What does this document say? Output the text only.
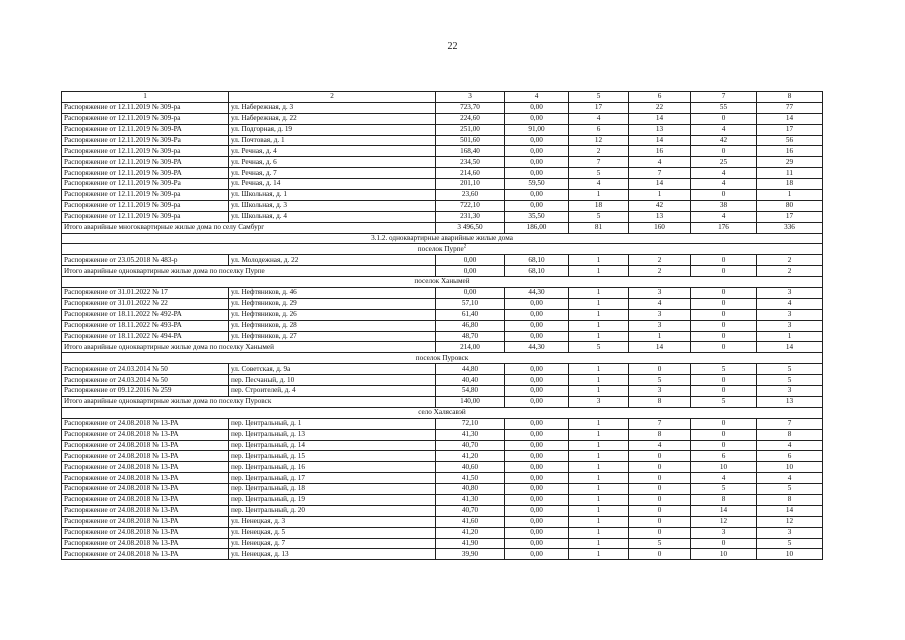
22
1	2	3	4	5	6	7	8
Распоряжение от 12.11.2019 № 309-ра	ул. Набережная, д. 3	723,70	0,00	17	22	55	77
Распоряжение от 12.11.2019 № 309-ра	ул. Набережная, д. 22	224,60	0,00	4	14	0	14
Распоряжение от 12.11.2019 № 309-РА	ул. Подгорная, д. 19	251,00	91,00	6	13	4	17
Распоряжение от 12.11.2019 № 309-Ра	ул. Почтовая, д. 1	501,60	0,00	12	14	42	56
Распоряжение от 12.11.2019 № 309-ра	ул. Речная, д. 4	168,40	0,00	2	16	0	16
Распоряжение от 12.11.2019 № 309-РА	ул. Речная, д. 6	234,50	0,00	7	4	25	29
Распоряжение от 12.11.2019 № 309-РА	ул. Речная, д. 7	214,60	0,00	5	7	4	11
Распоряжение от 12.11.2019 № 309-Ра	ул. Речная, д. 14	201,10	59,50	4	14	4	18
Распоряжение от 12.11.2019 № 309-ра	ул. Школьная, д. 1	23,60	0,00	1	1	0	1
Распоряжение от 12.11.2019 № 309-ра	ул. Школьная, д. 3	722,10	0,00	18	42	38	80
Распоряжение от 12.11.2019 № 309-ра	ул. Школьная, д. 4	231,30	35,50	5	13	4	17
Итого аварийные многоквартирные жилые дома по селу Самбург		3 496,50	186,00	81	160	176	336
3.1.2. одноквартирные аварийные жилые дома							
поселок Пурпе$^2$
Распоряжение от 23.05.2018 № 483-р	ул. Молодежная, д. 22	0,00	68,10	1	2	0	2
Итого аварийные одноквартирные жилые дома по поселку Пурпе		0,00	68,10	1	2	0	2
поселок Ханымей							
Распоряжение от 31.01.2022 № 17	ул. Нефтяников, д. 46	0,00	44,30	1	3	0	3
Распоряжение от 31.01.2022 № 22	ул. Нефтяников, д. 29	57,10	0,00	1	4	0	4
Распоряжение от 18.11.2022 № 492-РА	ул. Нефтяников, д. 26	61,40	0,00	1	3	0	3
Распоряжение от 18.11.2022 № 493-РА	ул. Нефтяников, д. 28	46,80	0,00	1	3	0	3
Распоряжение от 18.11.2022 № 494-РА	ул. Нефтяников, д. 27	48,70	0,00	1	1	0	1
Итого аварийные одноквартирные жилые дома по поселку Ханымей		214,00	44,30	5	14	0	14
поселок Пуровск							
Распоряжение от 24.03.2014 № 50	ул. Советская, д. 9а	44,80	0,00	1	0	5	5
Распоряжение от 24.03.2014 № 50	пер. Песчаный, д. 10	40,40	0,00	1	5	0	5
Распоряжение от 09.12.2016 № 259	пер. Строителей, д. 4	54,80	0,00	1	3	0	3
Итого аварийные одноквартирные жилые дома по поселку Пуровск		140,00	0,00	3	8	5	13
село Халясавэй							
Распоряжение от 24.08.2018 № 13-РА	пер. Центральный, д. 1	72,10	0,00	1	7	0	7
Распоряжение от 24.08.2018 № 13-РА	пер. Центральный, д. 13	41,30	0,00	1	8	0	8
Распоряжение от 24.08.2018 № 13-РА	пер. Центральный, д. 14	40,70	0,00	1	4	0	4
Распоряжение от 24.08.2018 № 13-РА	пер. Центральный, д. 15	41,20	0,00	1	0	6	6
Распоряжение от 24.08.2018 № 13-РА	пер. Центральный, д. 16	40,60	0,00	1	0	10	10
Распоряжение от 24.08.2018 № 13-РА	пер. Центральный, д. 17	41,50	0,00	1	0	4	4
Распоряжение от 24.08.2018 № 13-РА	пер. Центральный, д. 18	40,80	0,00	1	0	5	5
Распоряжение от 24.08.2018 № 13-РА	пер. Центральный, д. 19	41,30	0,00	1	0	8	8
Распоряжение от 24.08.2018 № 13-РА	пер. Центральный, д. 20	40,70	0,00	1	0	14	14
Распоряжение от 24.08.2018 № 13-РА	ул. Ненецкая, д. 3	41,60	0,00	1	0	12	12
Распоряжение от 24.08.2018 № 13-РА	ул. Ненецкая, д. 5	41,20	0,00	1	0	3	3
Распоряжение от 24.08.2018 № 13-РА	ул. Ненецкая, д. 7	41,90	0,00	1	5	0	5
Распоряжение от 24.08.2018 № 13-РА	ул. Ненецкая, д. 13	39,90	0,00	1	0	10	10
